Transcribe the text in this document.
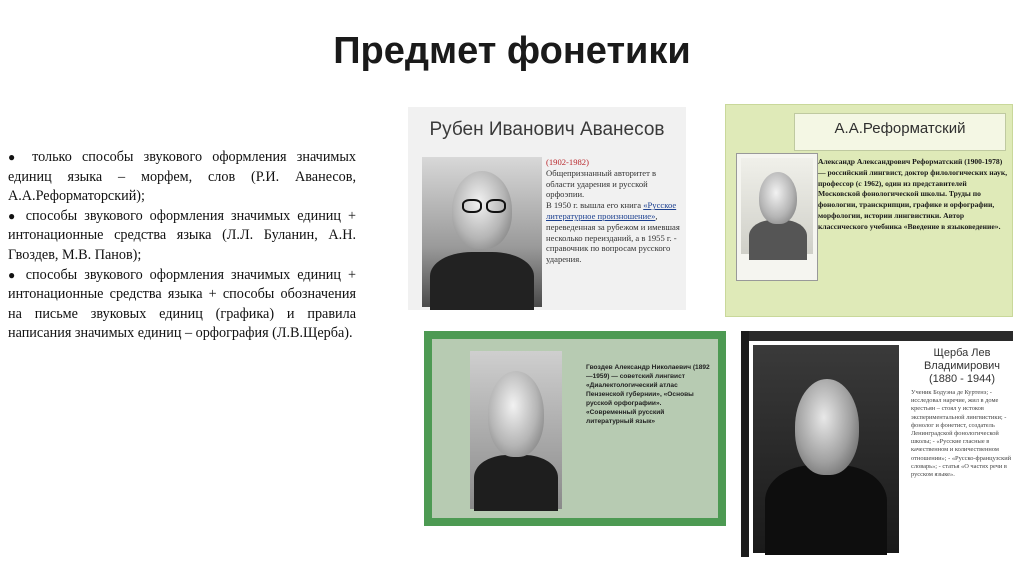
Предмет фонетики

● только способы звукового оформления значимых единиц языка – морфем, слов (Р.И. Аванесов, А.А.Реформаторский);

● способы звукового оформления значимых единиц + интонационные средства языка (Л.Л. Буланин, А.Н. Гвоздев, М.В. Панов);

● способы звукового оформления значимых единиц + интонационные средства языка + способы обозначения на письме звуковых единиц (графика) и правила написания значимых единиц – орфография (Л.В.Щерба).

Рубен Иванович Аванесов
(1902-1982)
Общепризнанный авторитет в области ударения и русской орфоэпии.
В 1950 г. вышла его книга «Русское литературное произношение», переведенная за рубежом и имевшая несколько переизданий, а в 1955 г. - справочник по вопросам русского ударения.
А.А.Реформатский
Александр Александрович Реформатский (1900-1978) — российский лингвист, доктор филологических наук, профессор (с 1962), один из представителей Московской фонологической школы. Труды по фонологии, транскрипции, графике и орфографии, морфологии, истории лингвистики. Автор классического учебника «Введение в языковедение».
Гвоздев Александр Николаевич (1892—1959) — советский лингвист «Диалектологический атлас Пензенской губернии», «Основы русской орфографии». «Современный русский литературный язык»
Щерба Лев Владимирович
(1880 - 1944)
Ученик Бодуэна де Куртенэ; - исследовал наречие, жил в доме крестьян – стоял у истоков экспериментальной лингвистики; - фонолог и фонетист, создатель Ленинградской фонологической школы; - «Русские гласные в качественном и количественном отношении»; - «Русско-французский словарь»; - статья «О частях речи в русском языке».
